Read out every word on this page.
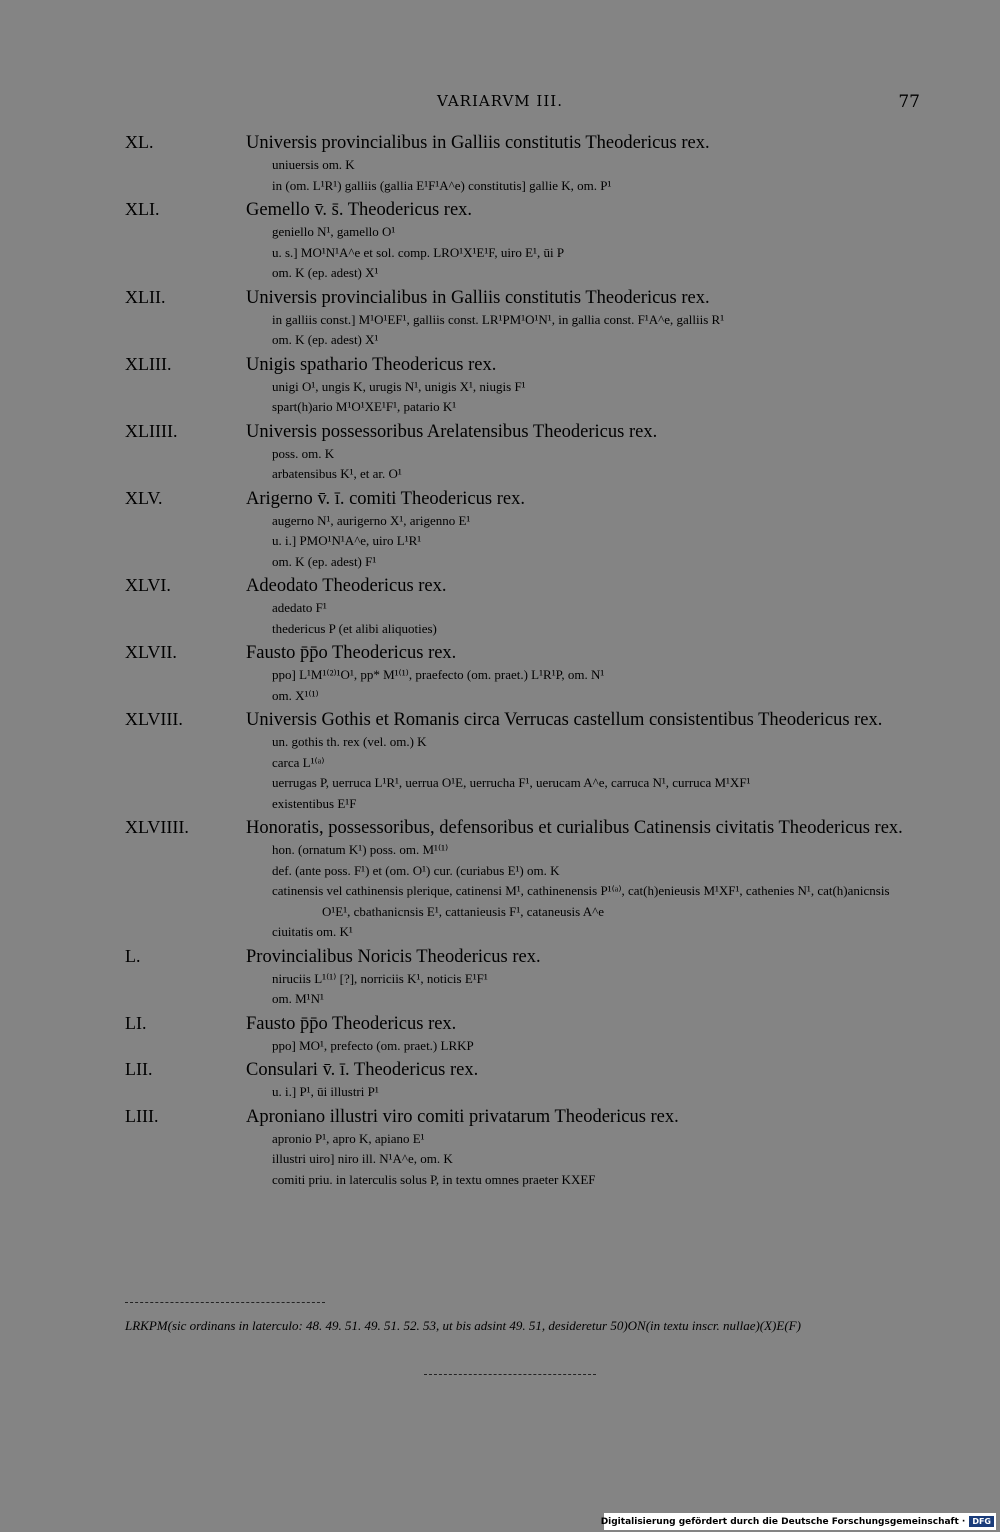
VARIARVM III.	77
XL.	Universis provincialibus in Galliis constitutis Theodericus rex.
uniuersis om. K
in (om. L¹R¹) galliis (gallia E¹F¹A^e) constitutis] gallie K, om. P¹
XLI.	Gemello v̄. s̄. Theodericus rex.
geniello N¹, gamello O¹
u. s.] MO¹N¹A^e et sol. comp. LRO¹X¹E¹F, uiro E¹, ūi P
om. K (ep. adest) X¹
XLII.	Universis provincialibus in Galliis constitutis Theodericus rex.
in galliis const.] M¹O¹EF¹, galliis const. LR¹PM¹O¹N¹, in gallia const. F¹A^e, galliis R¹
om. K (ep. adest) X¹
XLIII.	Unigis spathario Theodericus rex.
unigi O¹, ungis K, urugis N¹, unigis X¹, niugis F¹
spart(h)ario M¹O¹XE¹F¹, patario K¹
XLIIII.	Universis possessoribus Arelatensibus Theodericus rex.
poss. om. K
arbatensibus K¹, et ar. O¹
XLV.	Arigerno v̄. ī. comiti Theodericus rex.
augerno N¹, aurigerno X¹, arigenno E¹
u. i.] PMO¹N¹A^e, uiro L¹R¹
om. K (ep. adest) F¹
XLVI.	Adeodato Theodericus rex.
adedato F¹
thedericus P (et alibi aliquoties)
XLVII.	Fausto p̄p̄o Theodericus rex.
ppo] L¹M¹⁽²⁾¹O¹, pp* M¹⁽¹⁾, praefecto (om. praet.) L¹R¹P, om. N¹
om. X¹⁽¹⁾
XLVIII.	Universis Gothis et Romanis circa Verrucas castellum consistentibus Theodericus rex.
un. gothis th. rex (vel. om.) K
carca L¹⁽ᵃ⁾
uerrugas P, uerruca L¹R¹, uerrua O¹E, uerrucha F¹, uerucam A^e, carruca N¹, curruca M¹XF¹
existentibus E¹F
XLVIIII.	Honoratis, possessoribus, defensoribus et curialibus Catinensis civitatis Theodericus rex.
hon. (ornatum K¹) poss. om. M¹⁽¹⁾
def. (ante poss. F¹) et (om. O¹) cur. (curiabus E¹) om. K
catinensis vel cathinensis plerique, catinensi M¹, cathinenensis P¹⁽ᵃ⁾, cat(h)enieusis M¹XF¹, cathenies N¹, cat(h)anicnsis O¹E¹, cbathanicnsis E¹, cattanieusis F¹, cataneusis A^e
ciuitatis om. K¹
L.	Provincialibus Noricis Theodericus rex.
niruciis L¹⁽¹⁾ [?], norriciis K¹, noticis E¹F¹
om. M¹N¹
LI.	Fausto p̄p̄o Theodericus rex.
ppo] MO¹, prefecto (om. praet.) LRKP
LII.	Consulari v̄. ī. Theodericus rex.
u. i.] P¹, ūi illustri P¹
LIII.	Aproniano illustri viro comiti privatarum Theodericus rex.
apronio P¹, apro K, apiano E¹
illustri uiro] niro ill. N¹A^e, om. K
comiti priu. in laterculis solus P, in textu omnes praeter KXEF
LRKPM(sic ordinans in laterculo: 48. 49. 51. 49. 51. 52. 53, ut bis adsint 49. 51, desideretur 50)ON(in textu inscr. nullae)(X)E(F)
Digitalisierung gefördert durch die Deutsche Forschungsgemeinschaft · DFG
